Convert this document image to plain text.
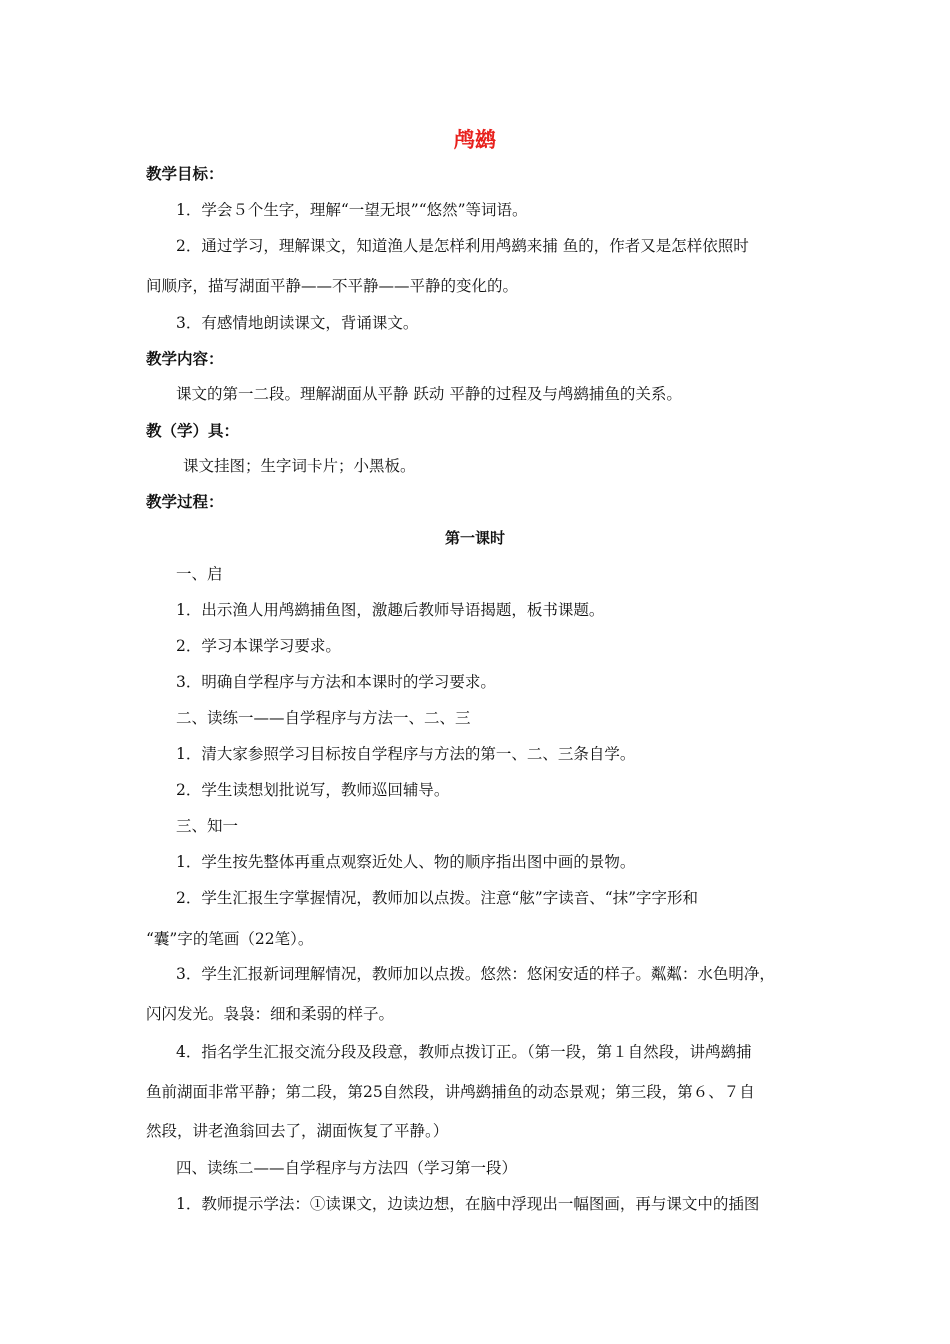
鸬鹚
教学目标：
1．学会５个生字，理解“一望无垠”“悠然”等词语。
2．通过学习，理解课文，知道渔人是怎样利用鸬鹚来捕 鱼的，作者又是怎样依照时
间顺序，描写湖面平静——不平静——平静的变化的。
3．有感情地朗读课文，背诵课文。
教学内容：
课文的第一二段。理解湖面从平静 跃动 平静的过程及与鸬鹚捕鱼的关系。
教（学）具：
课文挂图；生字词卡片；小黑板。
教学过程：
第一课时
一、启
1．出示渔人用鸬鹚捕鱼图，激趣后教师导语揭题，板书课题。
2．学习本课学习要求。
3．明确自学程序与方法和本课时的学习要求。
二、读练一——自学程序与方法一、二、三
1．清大家参照学习目标按自学程序与方法的第一、二、三条自学。
2．学生读想划批说写，教师巡回辅导。
三、知一
1．学生按先整体再重点观察近处人、物的顺序指出图中画的景物。
2．学生汇报生字掌握情况，教师加以点拨。注意“舷”字读音、“抹”字字形和
“囊”字的笔画（22笔）。
3．学生汇报新词理解情况，教师加以点拨。悠然：悠闲安适的样子。粼粼：水色明净，
闪闪发光。袅袅：细和柔弱的样子。
4．指名学生汇报交流分段及段意，教师点拨订正。（第一段，第１自然段，讲鸬鹚捕
鱼前湖面非常平静；第二段，第25自然段，讲鸬鹚捕鱼的动态景观；第三段，第６、７自
然段，讲老渔翁回去了，湖面恢复了平静。）
四、读练二——自学程序与方法四（学习第一段）
1．教师提示学法：①读课文，边读边想，在脑中浮现出一幅图画，再与课文中的插图
